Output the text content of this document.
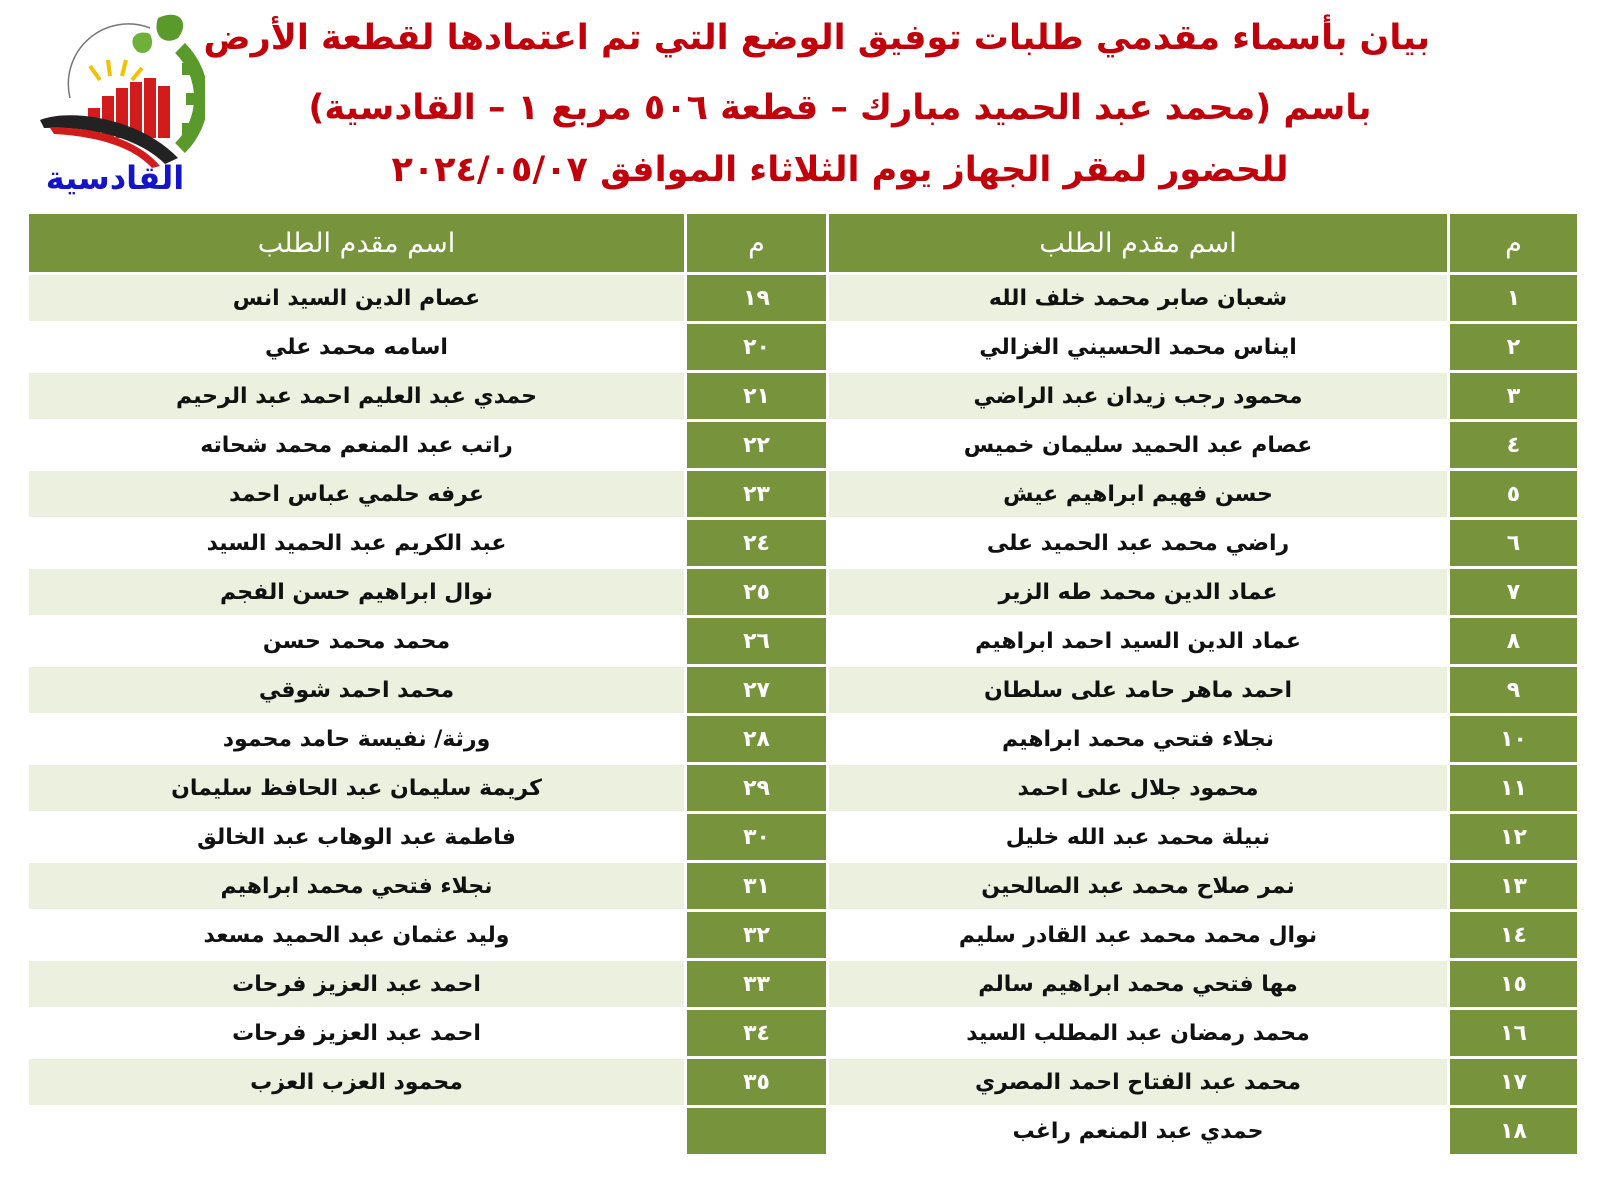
القادسية
بيان بأسماء مقدمي طلبات توفيق الوضع التي تم اعتمادها لقطعة الأرض
باسم (محمد عبد الحميد مبارك – قطعة ٥٠٦ مربع ١ – القادسية)
للحضور لمقر الجهاز يوم الثلاثاء الموافق ٢٠٢٤/٠٥/٠٧
م	اسم مقدم الطلب	م	اسم مقدم الطلب
١	شعبان صابر محمد خلف الله	١٩	عصام الدين السيد انس
٢	ايناس محمد الحسيني الغزالي	٢٠	اسامه محمد علي
٣	محمود رجب زيدان عبد الراضي	٢١	حمدي عبد العليم احمد عبد الرحيم
٤	عصام عبد الحميد سليمان خميس	٢٢	راتب عبد المنعم محمد شحاته
٥	حسن فهيم ابراهيم عيش	٢٣	عرفه حلمي عباس احمد
٦	راضي محمد عبد الحميد على	٢٤	عبد الكريم عبد الحميد السيد
٧	عماد الدين محمد طه الزير	٢٥	نوال ابراهيم حسن الفجم
٨	عماد الدين السيد احمد ابراهيم	٢٦	محمد محمد حسن
٩	احمد ماهر حامد على سلطان	٢٧	محمد احمد شوقي
١٠	نجلاء فتحي محمد ابراهيم	٢٨	ورثة/ نفيسة حامد محمود
١١	محمود جلال على احمد	٢٩	كريمة سليمان عبد الحافظ سليمان
١٢	نبيلة محمد عبد الله خليل	٣٠	فاطمة عبد الوهاب عبد الخالق
١٣	نمر صلاح محمد عبد الصالحين	٣١	نجلاء فتحي محمد ابراهيم
١٤	نوال محمد محمد عبد القادر سليم	٣٢	وليد عثمان عبد الحميد مسعد
١٥	مها فتحي محمد ابراهيم سالم	٣٣	احمد عبد العزيز فرحات
١٦	محمد رمضان عبد المطلب السيد	٣٤	احمد عبد العزيز فرحات
١٧	محمد عبد الفتاح احمد المصري	٣٥	محمود العزب العزب
١٨	حمدي عبد المنعم راغب		
